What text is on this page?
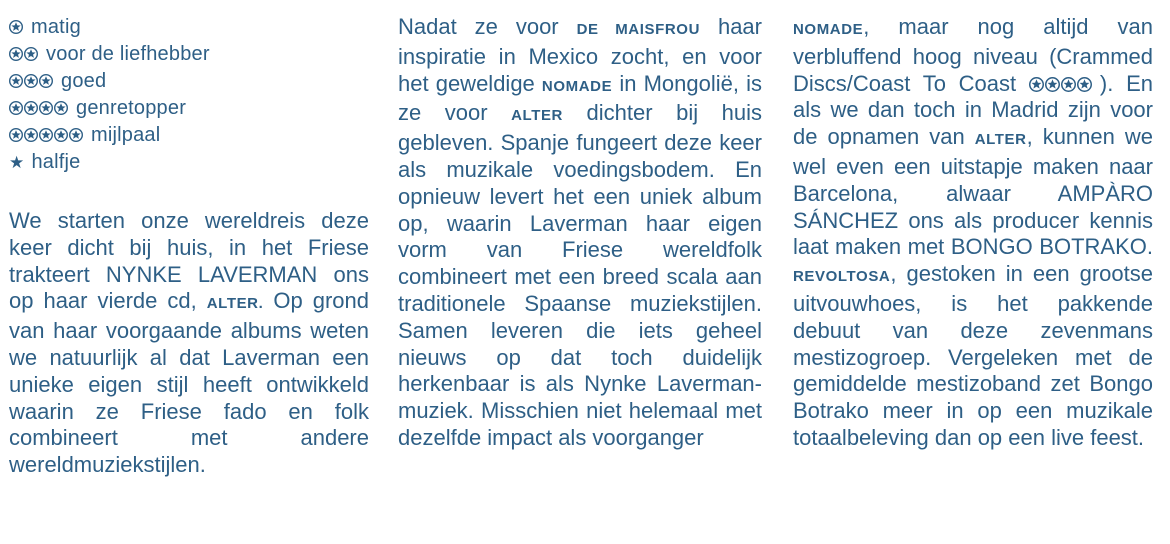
matig
voor de liefhebber
goed
genretopper
mijlpaal
★ halfje

We starten onze wereldreis deze keer dicht bij huis, in het Friese trakteert NYNKE LAVERMAN ons op haar vierde cd, ALTER. Op grond van haar voorgaande albums weten we natuurlijk al dat Laverman een unieke eigen stijl heeft ontwikkeld waarin ze Friese fado en folk combineert met andere wereldmuziekstijlen.

Nadat ze voor DE MAISFROU haar inspiratie in Mexico zocht, en voor het geweldige NOMADE in Mongolië, is ze voor ALTER dichter bij huis gebleven. Spanje fungeert deze keer als muzikale voedingsbodem. En opnieuw levert het een uniek album op, waarin Laverman haar eigen vorm van Friese wereldfolk combineert met een breed scala aan traditionele Spaanse muziekstijlen. Samen leveren die iets geheel nieuws op dat toch duidelijk herkenbaar is als Nynke Laverman-muziek. Misschien niet helemaal met dezelfde impact als voorganger

NOMADE, maar nog altijd van verbluffend hoog niveau (Crammed Discs/Coast To Coast	). En als we dan toch in Madrid zijn voor de opnamen van ALTER, kunnen we wel even een uitstapje maken naar Barcelona, alwaar AMPÀRO SÁNCHEZ ons als producer kennis laat maken met BONGO BOTRAKO. REVOLTOSA, gestoken in een grootse uitvouwhoes, is het pakkende debuut van deze zevenmans mestizogroep. Vergeleken met de gemiddelde mestizoband zet Bongo Botrako meer in op een muzikale totaalbeleving dan op een live feest.
